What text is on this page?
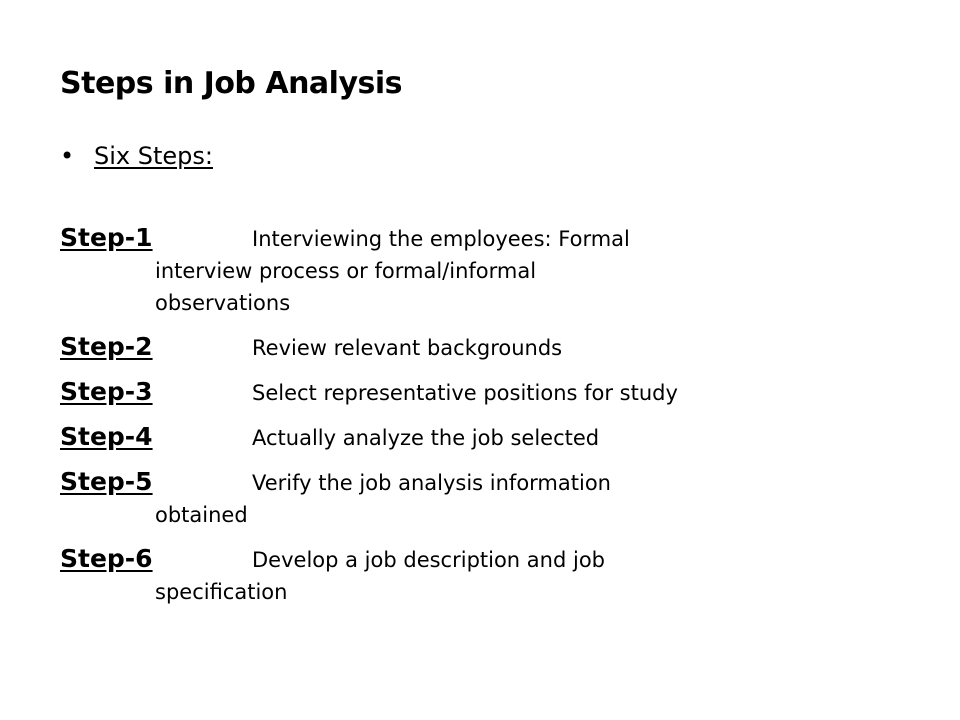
Steps in Job Analysis
• Six Steps:
Step-1	Interviewing the employees: Formal
interview process or formal/informal
observations
Step-2	Review relevant backgrounds
Step-3	Select representative positions for study
Step-4	Actually analyze the job selected
Step-5	Verify the job analysis information
obtained
Step-6	Develop a job description and job
specification
